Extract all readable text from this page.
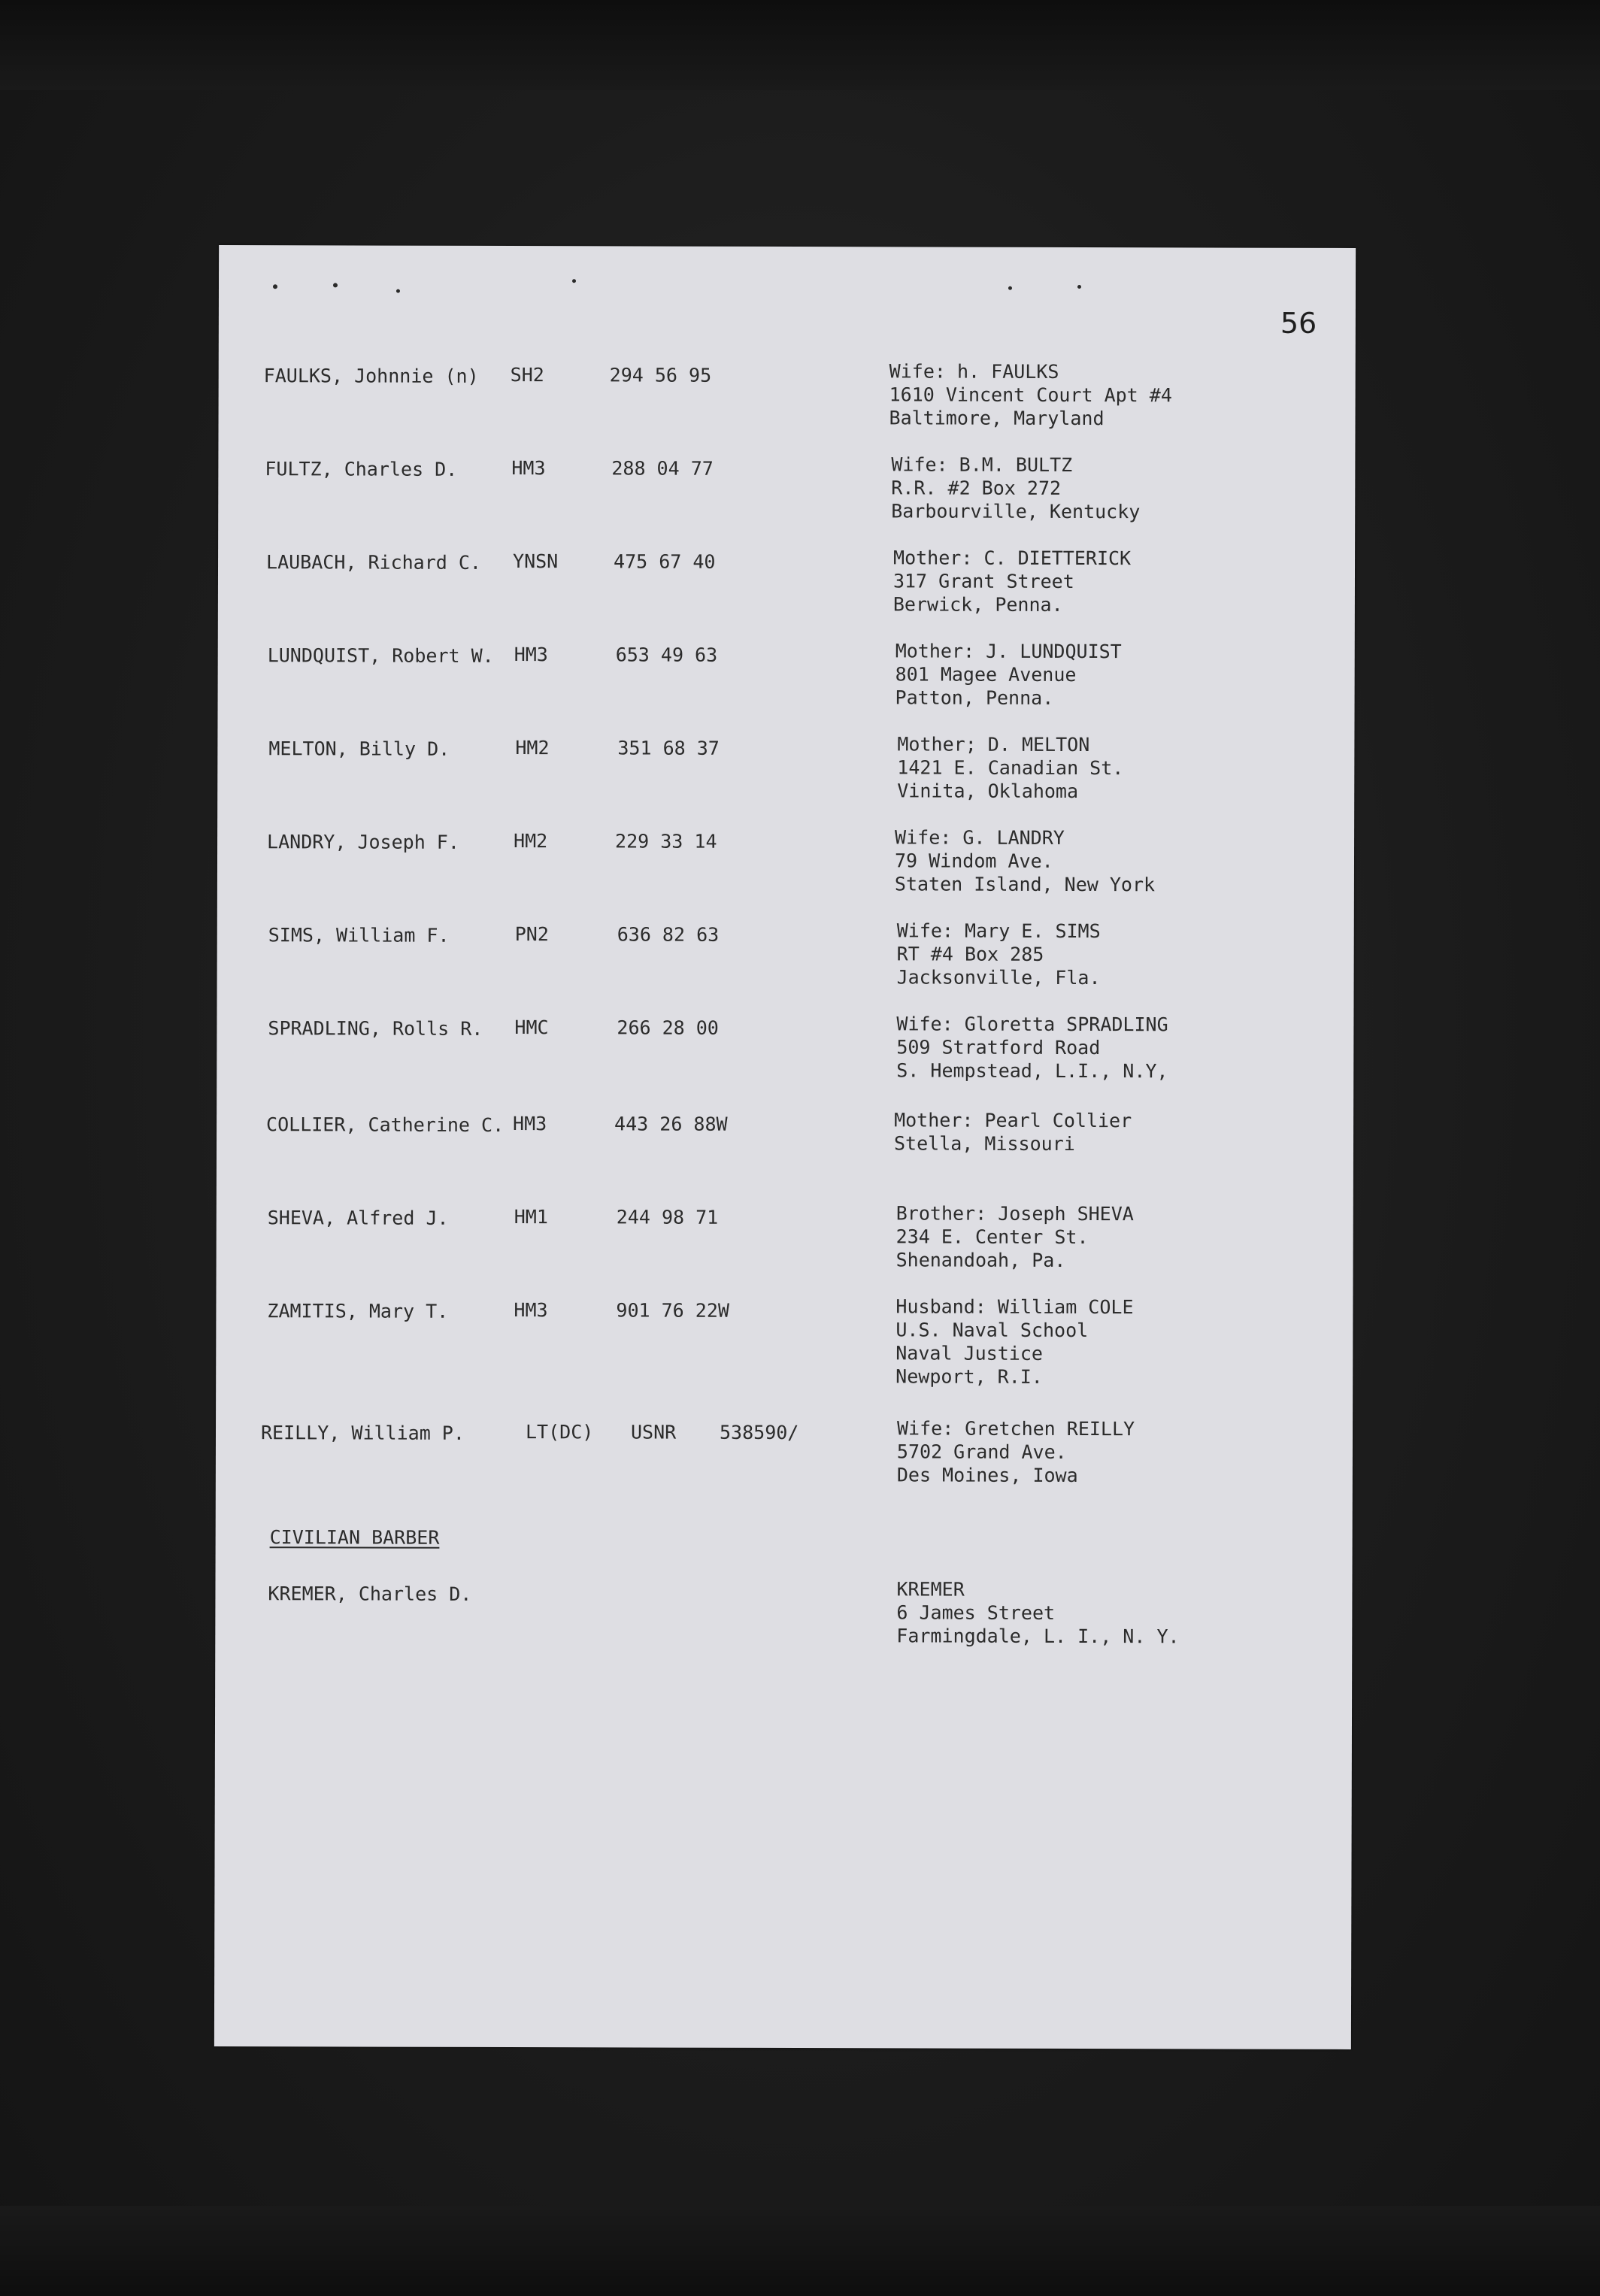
56
FAULKS, Johnnie (n) SH2	294 56 95	Wife: h. FAULKS
1610 Vincent Court Apt #4
Baltimore, Maryland
FULTZ, Charles D.	HM3	288 04 77	Wife: B.M. BULTZ
R.R. #2 Box 272
Barbourville, Kentucky
LAUBACH, Richard C. YNSN	475 67 40	Mother: C. DIETTERICK
317 Grant Street
Berwick, Penna.
LUNDQUIST, Robert W. HM3	653 49 63	Mother: J. LUNDQUIST
801 Magee Avenue
Patton, Penna.
MELTON, Billy D.	HM2	351 68 37	Mother; D. MELTON
1421 E. Canadian St.
Vinita, Oklahoma
LANDRY, Joseph F.	HM2	229 33 14	Wife: G. LANDRY
79 Windom Ave.
Staten Island, New York
SIMS, William F.	PN2	636 82 63	Wife: Mary E. SIMS
RT #4 Box 285
Jacksonville, Fla.
SPRADLING, Rolls R. HMC	266 28 00	Wife: Gloretta SPRADLING
509 Stratford Road
S. Hempstead, L.I., N.Y,
COLLIER, Catherine C. HM3	443 26 88W	Mother: Pearl Collier
Stella, Missouri
SHEVA, Alfred J.	HM1	244 98 71	Brother: Joseph SHEVA
234 E. Center St.
Shenandoah, Pa.
ZAMITIS, Mary T.	HM3	901 76 22W	Husband: William COLE
U.S. Naval School
Naval Justice
Newport, R.I.
REILLY, William P.	LT(DC) USNR 538590/	Wife: Gretchen REILLY
5702 Grand Ave.
Des Moines, Iowa
CIVILIAN BARBER
KREMER, Charles D.	KREMER
6 James Street
Farmingdale, L. I., N. Y.
